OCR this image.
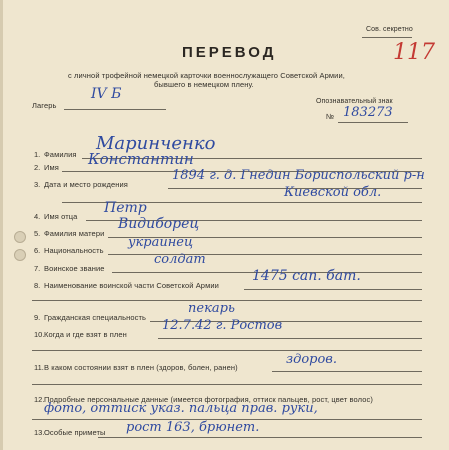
Сов. секретно
117
ПЕРЕВОД
с личной трофейной немецкой карточки военнослужащего Советской Армии,
бывшего в немецком плену.
Лагерь
IV Б	Опознавательный знак
№ 183273
1. Фамилия
Маринченко
2. Имя Константин
3. Дата и место рождения
1894 г. д. Гнедин Бориспольский р-н
Киевской обл.
4. Имя отца
Петр
5. Фамилия матери
Видиборец
6. Национальность
украинец
7. Воинское звание
солдат
8. Наименование воинской части Советской Армии
1475 сап. бат.
9. Гражданская специальность
пекарь
10. Когда и где взят в плен
12.7.42 г. Ростов
11. В каком состоянии взят в плен (здоров, болен, ранен)
здоров.
12. Подробные персональные данные (имеется фотография, оттиск пальцев, рост, цвет волос)
фото, оттиск указ. пальца прав. руки,
13. Особые приметы рост 163, брюнет.
